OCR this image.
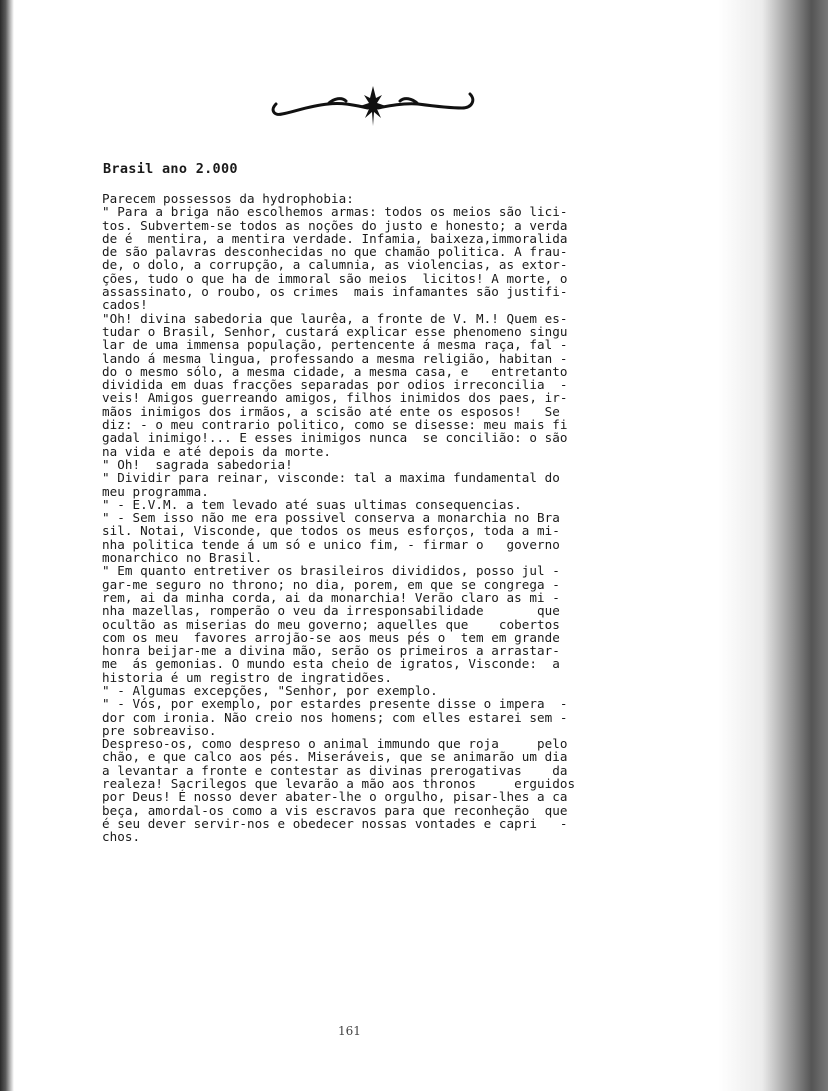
Brasil ano 2.000
Parecem possessos da hydrophobia:
" Para a briga não escolhemos armas: todos os meios são lici-
tos. Subvertem-se todos as noções do justo e honesto; a verda
de é  mentira, a mentira verdade. Infamia, baixeza,immoralida
de são palavras desconhecidas no que chamão politica. A frau-
de, o dolo, a corrupção, a calumnia, as violencias, as extor-
ções, tudo o que ha de immoral são meios  licitos! A morte, o
assassinato, o roubo, os crimes  mais infamantes são justifi-
cados!
"Oh! divina sabedoria que laurêa, a fronte de V. M.! Quem es-
tudar o Brasil, Senhor, custará explicar esse phenomeno singu
lar de uma immensa população, pertencente á mesma raça, fal -
lando á mesma lingua, professando a mesma religião, habitan -
do o mesmo sólo, a mesma cidade, a mesma casa, e   entretanto
dividida em duas fracções separadas por odios irreconcilia  -
veis! Amigos guerreando amigos, filhos inimidos dos paes, ir-
mãos inimigos dos irmãos, a scisão até ente os esposos!   Se
diz: - o meu contrario politico, como se disesse: meu mais fi
gadal inimigo!... E esses inimigos nunca  se concilião: o são
na vida e até depois da morte.
" Oh!  sagrada sabedoria!
" Dividir para reinar, visconde: tal a maxima fundamental do
meu programma.
" - E.V.M. a tem levado até suas ultimas consequencias.
" - Sem isso não me era possivel conserva a monarchia no Bra
sil. Notai, Visconde, que todos os meus esforços, toda a mi-
nha politica tende á um só e unico fim, - firmar o   governo
monarchico no Brasil.
" Em quanto entretiver os brasileiros divididos, posso jul -
gar-me seguro no throno; no dia, porem, em que se congrega -
rem, ai da minha corda, ai da monarchia! Verão claro as mi -
nha mazellas, romperão o veu da irresponsabilidade       que
ocultão as miserias do meu governo; aquelles que    cobertos
com os meu  favores arrojão-se aos meus pés o  tem em grande
honra beijar-me a divina mão, serão os primeiros a arrastar-
me  ás gemonias. O mundo esta cheio de igratos, Visconde:  a
historia é um registro de ingratidões.
" - Algumas excepções, "Senhor, por exemplo.
" - Vós, por exemplo, por estardes presente disse o impera  -
dor com ironia. Não creio nos homens; com elles estarei sem -
pre sobreaviso.
Despreso-os, como despreso o animal immundo que roja     pelo
chão, e que calco aos pés. Miseráveis, que se animarão um dia
a levantar a fronte e contestar as divinas prerogativas    da
realeza! Sacrilegos que levarão a mão aos thronos     erguidos
por Deus! É nosso dever abater-lhe o orgulho, pisar-lhes a ca
beça, amordal-os como a vis escravos para que reconheção  que
é seu dever servir-nos e obedecer nossas vontades e capri   -
chos.
161
